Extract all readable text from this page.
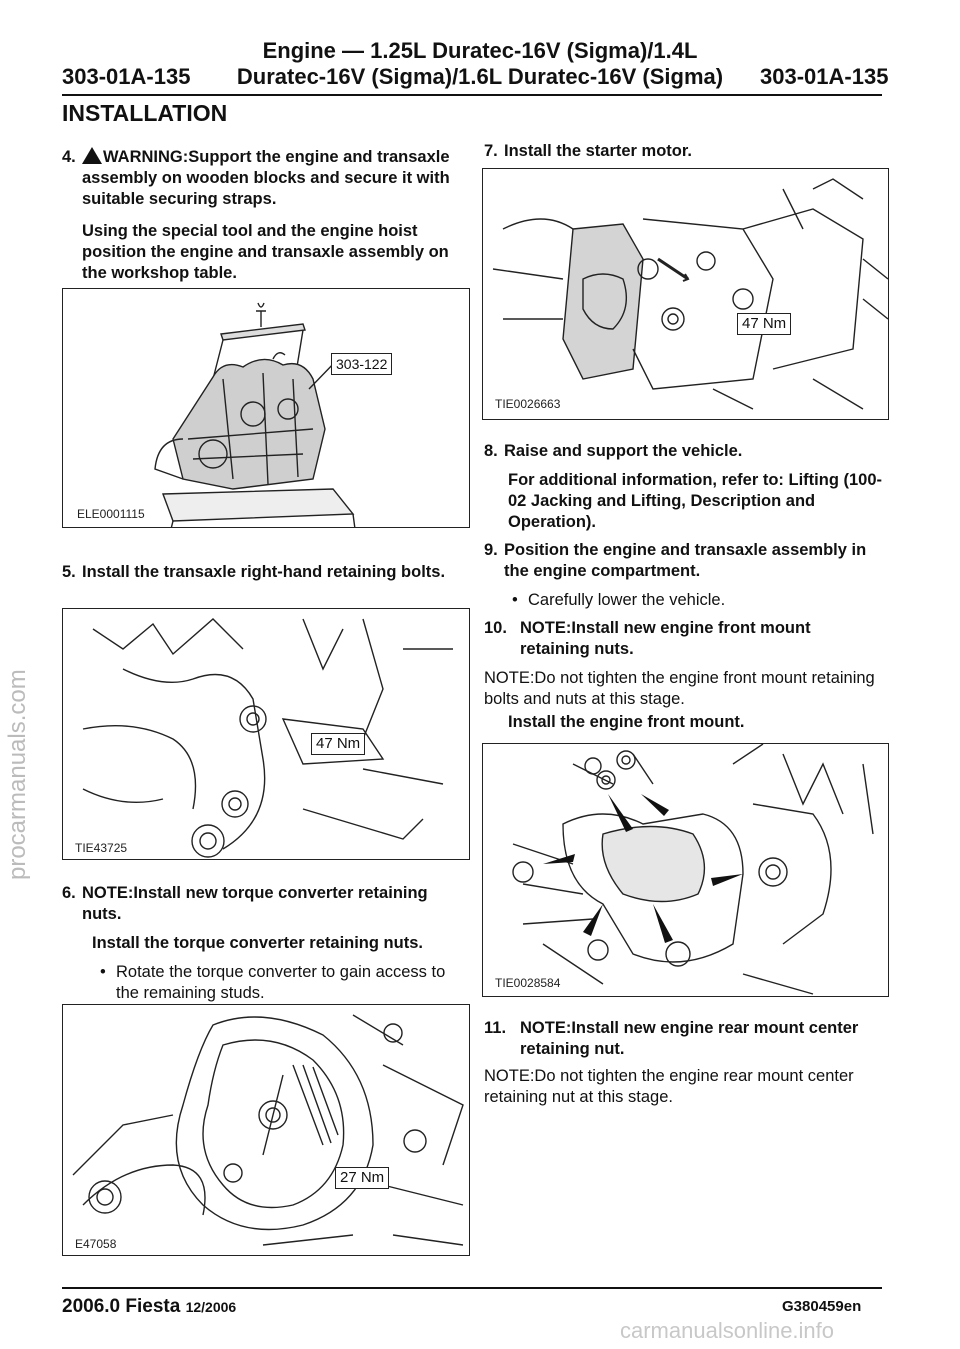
Engine — 1.25L Duratec-16V (Sigma)/1.4L
303-01A-135	Duratec-16V (Sigma)/1.6L Duratec-16V (Sigma)	303-01A-135
INSTALLATION
4.	WARNING:Support the engine and transaxle assembly on wooden blocks and secure it with suitable securing straps.
Using the special tool and the engine hoist position the engine and transaxle assembly on the workshop table.
303-122
ELE0001115
5. Install the transaxle right-hand retaining bolts.
47 Nm
TIE43725
6. NOTE:Install new torque converter retaining nuts.
Install the torque converter retaining nuts.
• Rotate the torque converter to gain access to the remaining studs.
27 Nm
E47058
7. Install the starter motor.
47 Nm
TIE0026663
8. Raise and support the vehicle.
For additional information, refer to: Lifting (100-02 Jacking and Lifting, Description and Operation).
9. Position the engine and transaxle assembly in the engine compartment.
• Carefully lower the vehicle.
10. NOTE:Install new engine front mount retaining nuts.
NOTE:Do not tighten the engine front mount retaining bolts and nuts at this stage.
Install the engine front mount.
TIE0028584
11. NOTE:Install new engine rear mount center retaining nut.
NOTE:Do not tighten the engine rear mount center retaining nut at this stage.
2006.0 Fiesta 12/2006	G380459en
procarmanuals.com
carmanualsonline.info
